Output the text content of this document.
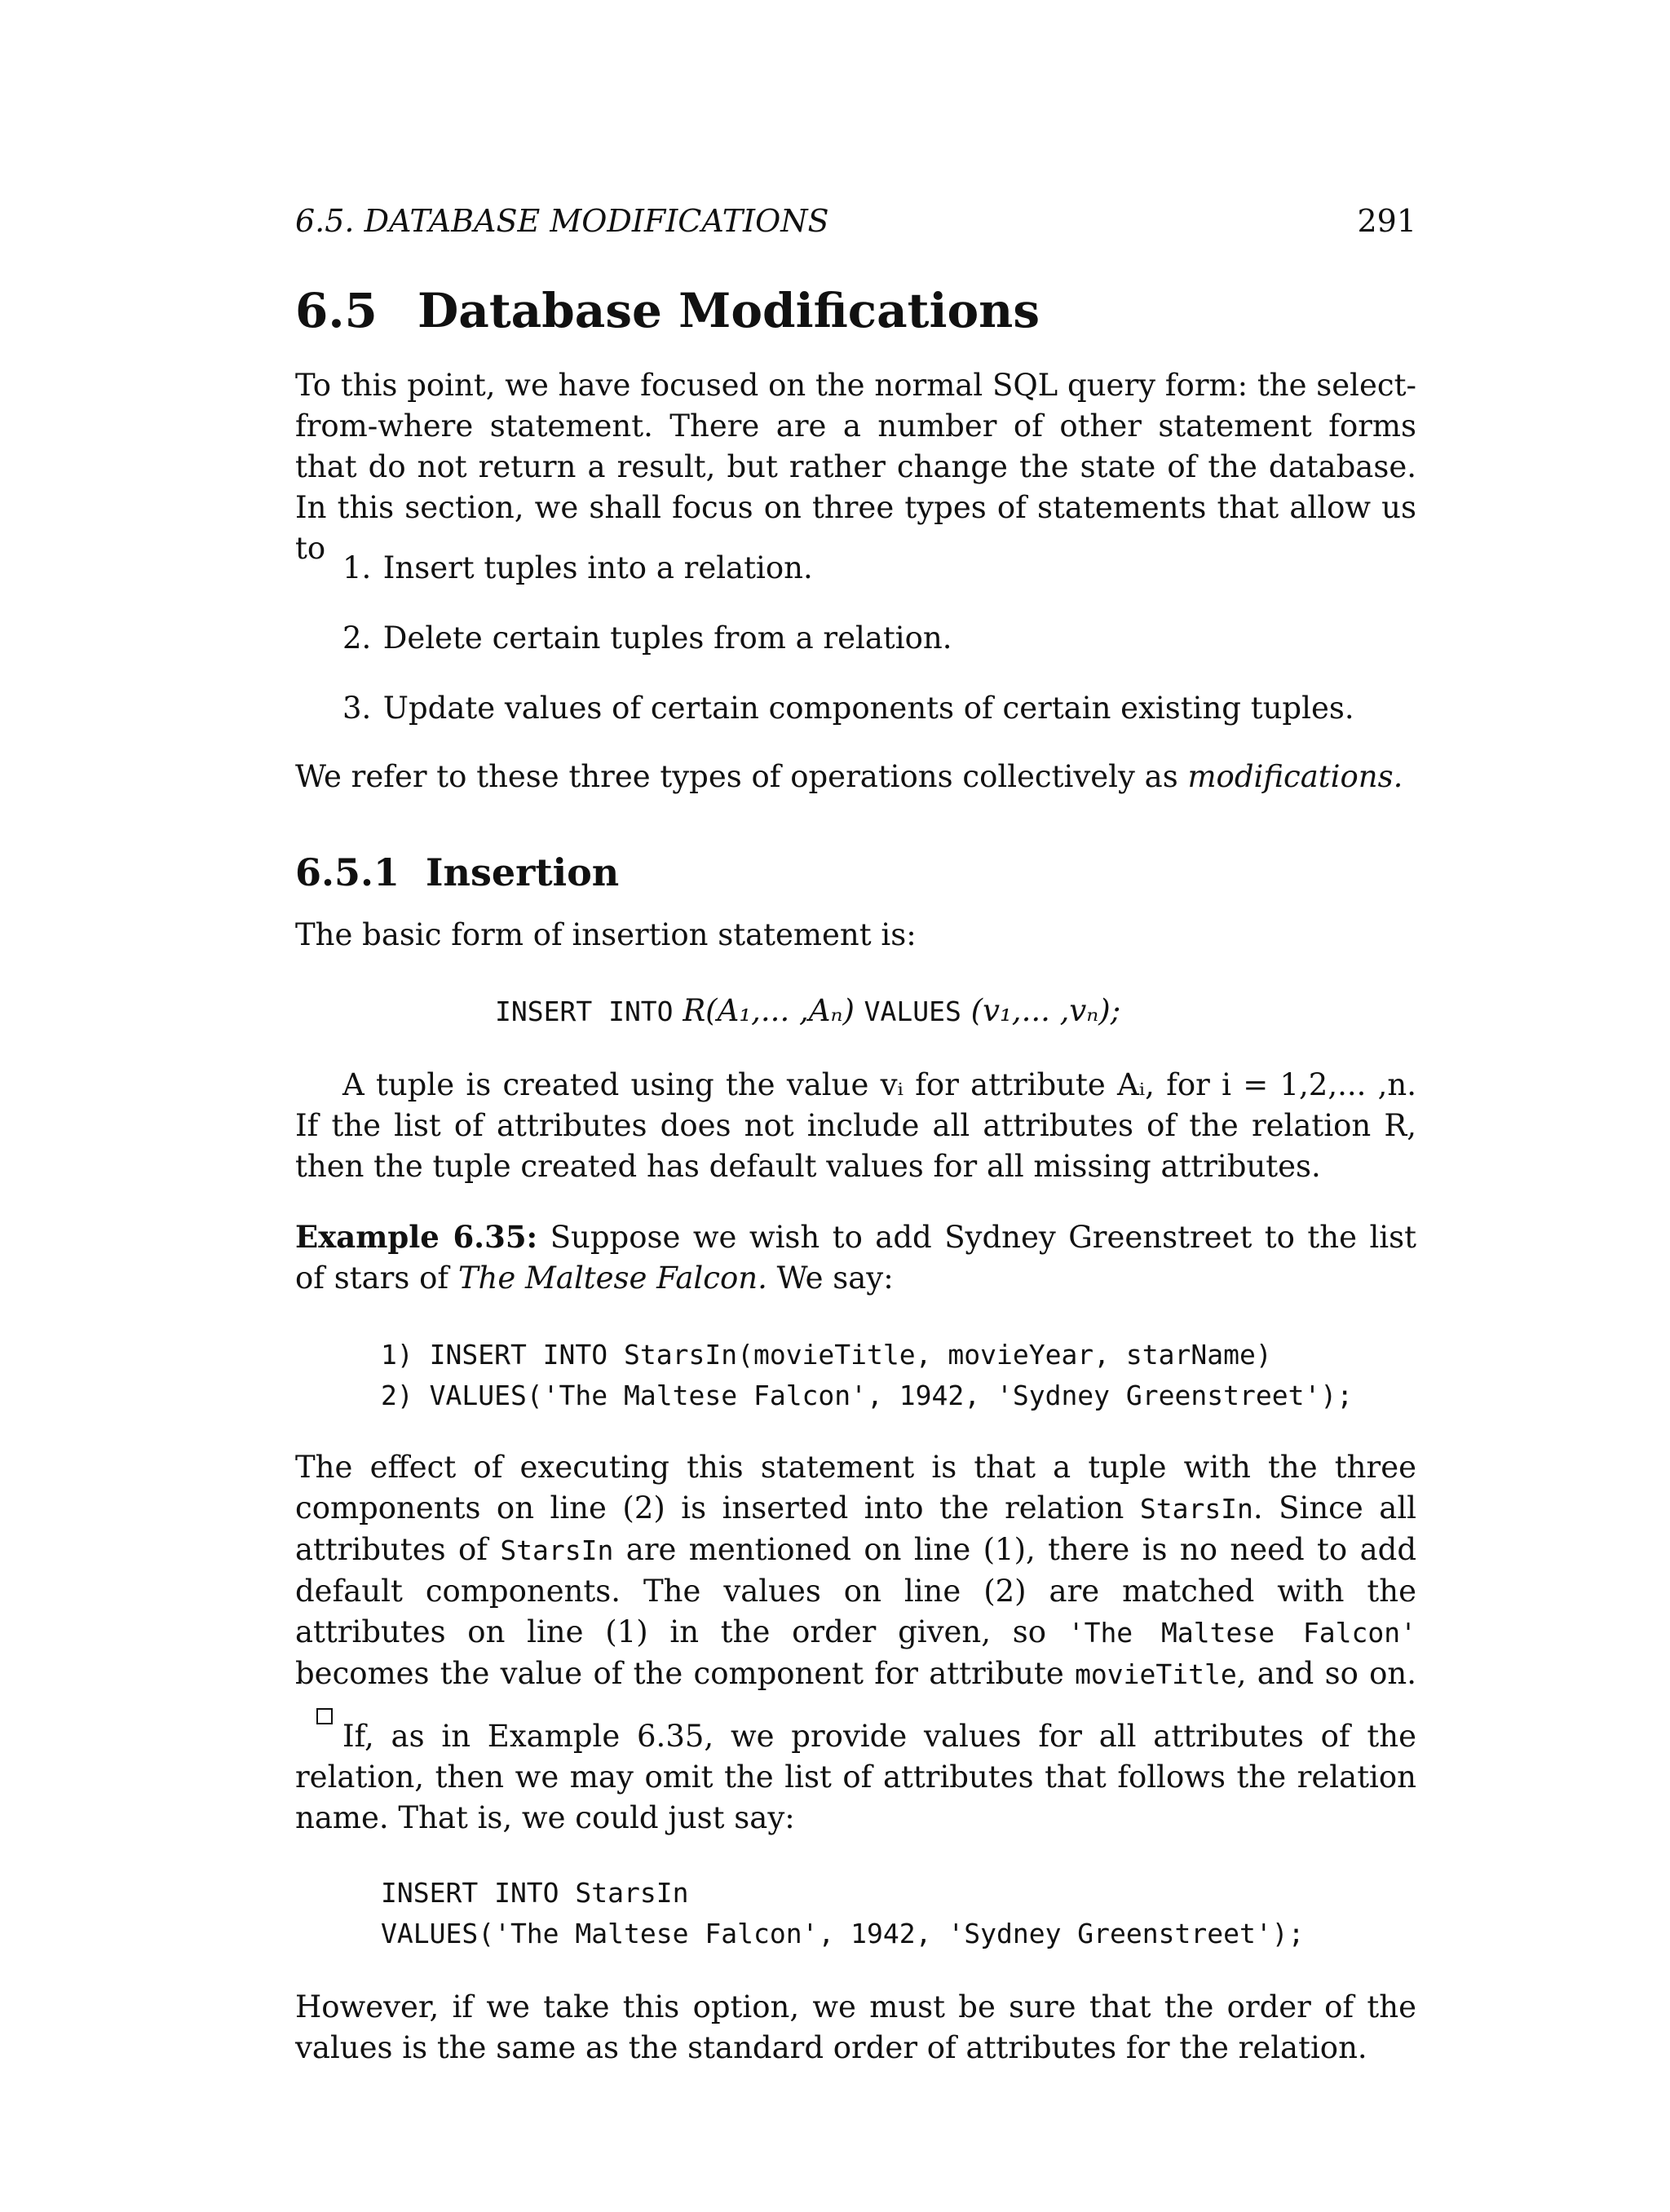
6.5. DATABASE MODIFICATIONS	291
6.5 Database Modifications
To this point, we have focused on the normal SQL query form: the select-from-where statement. There are a number of other statement forms that do not return a result, but rather change the state of the database. In this section, we shall focus on three types of statements that allow us to
1. Insert tuples into a relation.
2. Delete certain tuples from a relation.
3. Update values of certain components of certain existing tuples.
We refer to these three types of operations collectively as modifications.
6.5.1 Insertion
The basic form of insertion statement is:
INSERT INTO R(A₁,... ,Aₙ) VALUES (v₁,... ,vₙ);
A tuple is created using the value vᵢ for attribute Aᵢ, for i = 1,2,... ,n. If the list of attributes does not include all attributes of the relation R, then the tuple created has default values for all missing attributes.
Example 6.35: Suppose we wish to add Sydney Greenstreet to the list of stars of The Maltese Falcon. We say:
1) INSERT INTO StarsIn(movieTitle, movieYear, starName)
2) VALUES('The Maltese Falcon', 1942, 'Sydney Greenstreet');
The effect of executing this statement is that a tuple with the three components on line (2) is inserted into the relation StarsIn. Since all attributes of StarsIn are mentioned on line (1), there is no need to add default components. The values on line (2) are matched with the attributes on line (1) in the order given, so 'The Maltese Falcon' becomes the value of the component for attribute movieTitle, and so on.
If, as in Example 6.35, we provide values for all attributes of the relation, then we may omit the list of attributes that follows the relation name. That is, we could just say:
INSERT INTO StarsIn
VALUES('The Maltese Falcon', 1942, 'Sydney Greenstreet');
However, if we take this option, we must be sure that the order of the values is the same as the standard order of attributes for the relation.
